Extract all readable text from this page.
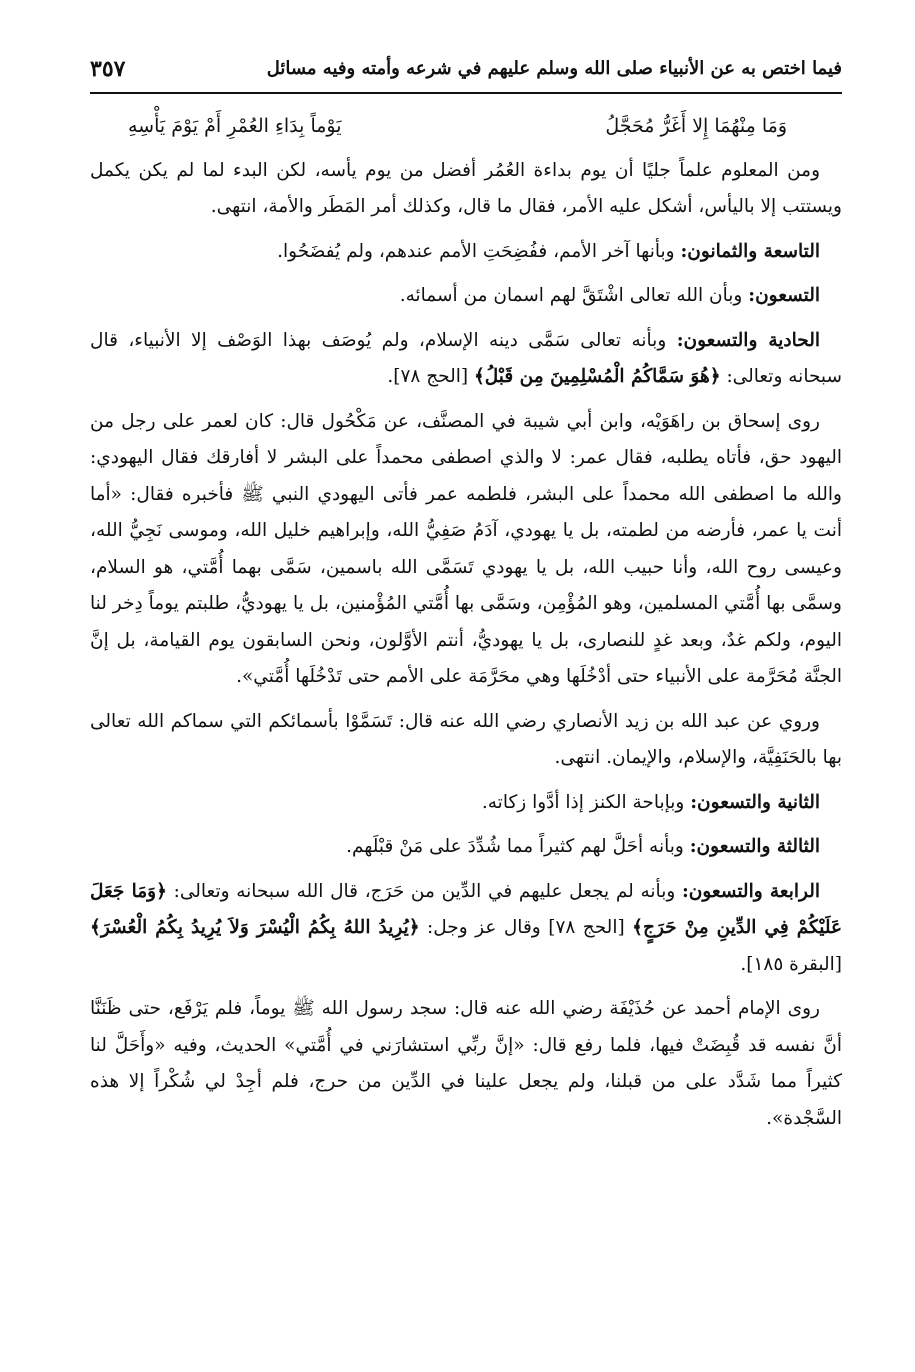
فيما اختص به عن الأنبياء صلى الله وسلم عليهم في شرعه وأمته وفيه مسائل
٣٥٧
وَمَا مِنْهُمَا إِلا أَغَرُّ مُحَجَّلُ
يَوْماً بِدَاءِ العُمْرِ أَمْ يَوْمَ يَأْسِهِ

ومن المعلوم علماً جليًا أن يوم بداءة العُمُر أفضل من يوم يأسه، لكن البدء لما لم يكن يكمل ويستتب إلا باليأس، أشكل عليه الأمر، فقال ما قال، وكذلك أمر المَطَر والأمة، انتهى.

التاسعة والثمانون: وبأنها آخر الأمم، ففُضِحَتِ الأمم عندهم، ولم يُفضَحُوا.

التسعون: وبأن الله تعالى اشْتَقَّ لهم اسمان من أسمائه.

الحادية والتسعون: وبأنه تعالى سَمَّى دينه الإسلام، ولم يُوصَف بهذا الوَصْف إلا الأنبياء، قال سبحانه وتعالى: ﴿هُوَ سَمَّاكُمُ الْمُسْلِمِينَ مِن قَبْلُ﴾ [الحج ٧٨].

روى إسحاق بن راهَوَيْه، وابن أبي شيبة في المصنَّف، عن مَكْحُول قال: كان لعمر على رجل من اليهود حق، فأتاه يطلبه، فقال عمر: لا والذي اصطفى محمداً على البشر لا أفارقك فقال اليهودي: والله ما اصطفى الله محمداً على البشر، فلطمه عمر فأتى اليهودي النبي ﷺ فأخبره فقال: «أما أنت يا عمر، فأرضه من لطمته، بل يا يهودي، آدَمُ صَفِيُّ الله، وإبراهيم خليل الله، وموسى نَجِيُّ الله، وعيسى روح الله، وأنا حبيب الله، بل يا يهودي تَسَمَّى الله باسمين، سَمَّى بهما أُمَّتي، هو السلام، وسمَّى بها أُمَّتي المسلمين، وهو المُؤْمِن، وسَمَّى بها أُمَّتي المُؤْمنين، بل يا يهوديُّ، طلبتم يوماً دِخر لنا اليوم، ولكم غدٌ، وبعد غدٍ للنصارى، بل يا يهوديُّ، أنتم الأوَّلون، ونحن السابقون يوم القيامة، بل إنَّ الجنَّة مُحَرَّمة على الأنبياء حتى أدْخُلَها وهي محَرَّمَة على الأمم حتى تَدْخُلَها أُمَّتي».

وروي عن عبد الله بن زيد الأنصاري رضي الله عنه قال: تَسَمَّوْا بأسمائكم التي سماكم الله تعالى بها بالحَنَفِيَّة، والإسلام، والإيمان. انتهى.

الثانية والتسعون: وبإباحة الكنز إذا أدَّوا زكاته.

الثالثة والتسعون: وبأنه أحَلَّ لهم كثيراً مما شُدِّدَ على مَنْ قبْلَهم.

الرابعة والتسعون: وبأنه لم يجعل عليهم في الدِّين من حَرَج، قال الله سبحانه وتعالى: ﴿وَمَا جَعَلَ عَلَيْكُمْ فِي الدِّينِ مِنْ حَرَجٍ﴾ [الحج ٧٨] وقال عز وجل: ﴿يُرِيدُ اللهُ بِكُمُ الْيُسْرَ وَلاَ يُرِيدُ بِكُمُ الْعُسْرَ﴾ [البقرة ١٨٥].

روى الإمام أحمد عن حُذَيْفَة رضي الله عنه قال: سجد رسول الله ﷺ يوماً، فلم يَرْفَع، حتى ظَنَنَّا أنَّ نفسه قد قُبِضَتْ فيها، فلما رفع قال: «إنَّ ربِّي استشارَني في أُمَّتي» الحديث، وفيه «وأَحَلَّ لنا كثيراً مما شَدَّد على من قبلنا، ولم يجعل علينا في الدِّين من حرج، فلم أجِدْ لي شُكْراً إلا هذه السَّجْدة».
